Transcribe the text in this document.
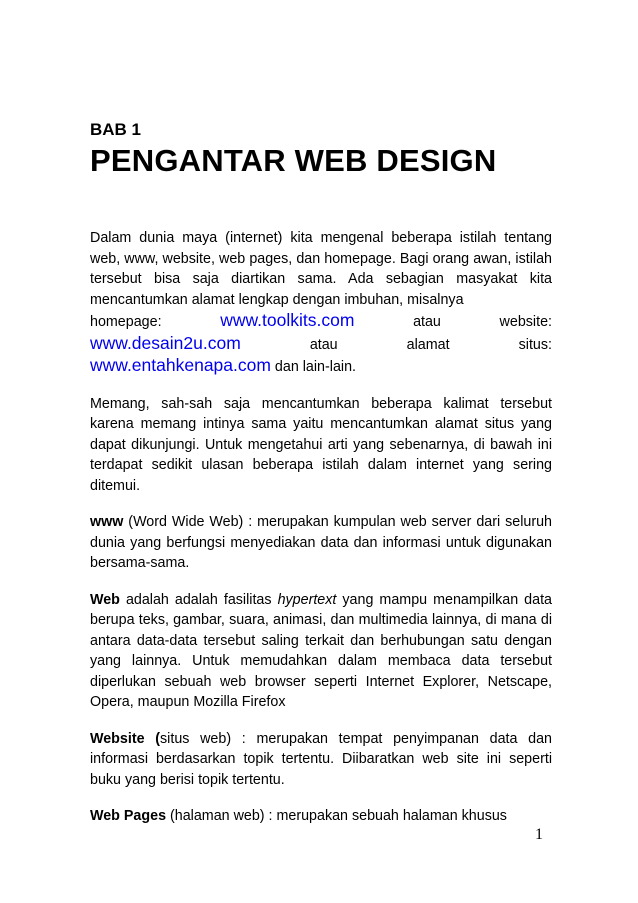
BAB 1

PENGANTAR WEB DESIGN

Dalam dunia maya (internet) kita mengenal beberapa istilah tentang web, www, website, web pages, dan homepage. Bagi orang awan, istilah tersebut bisa saja diartikan sama. Ada sebagian masyakat kita mencantumkan alamat lengkap dengan imbuhan, misalnya
homepage:	www.toolkits.com	atau	website:
www.desain2u.com	atau	alamat	situs:
www.entahkenapa.com dan lain-lain.

Memang, sah-sah saja mencantumkan beberapa kalimat tersebut karena memang intinya sama yaitu mencantumkan alamat situs yang dapat dikunjungi. Untuk mengetahui arti yang sebenarnya, di bawah ini terdapat sedikit ulasan beberapa istilah dalam internet yang sering ditemui.

www (Word Wide Web) : merupakan kumpulan web server dari seluruh dunia yang berfungsi menyediakan data dan informasi untuk digunakan bersama-sama.

Web adalah adalah fasilitas hypertext yang mampu menampilkan data berupa teks, gambar, suara, animasi, dan multimedia lainnya, di mana di antara data-data tersebut saling terkait dan berhubungan satu dengan yang lainnya. Untuk memudahkan dalam membaca data tersebut diperlukan sebuah web browser seperti Internet Explorer, Netscape, Opera, maupun Mozilla Firefox

Website (situs web) : merupakan tempat penyimpanan data dan informasi berdasarkan topik tertentu. Diibaratkan web site ini seperti buku yang berisi topik tertentu.

Web Pages (halaman web) : merupakan sebuah halaman khusus

1
